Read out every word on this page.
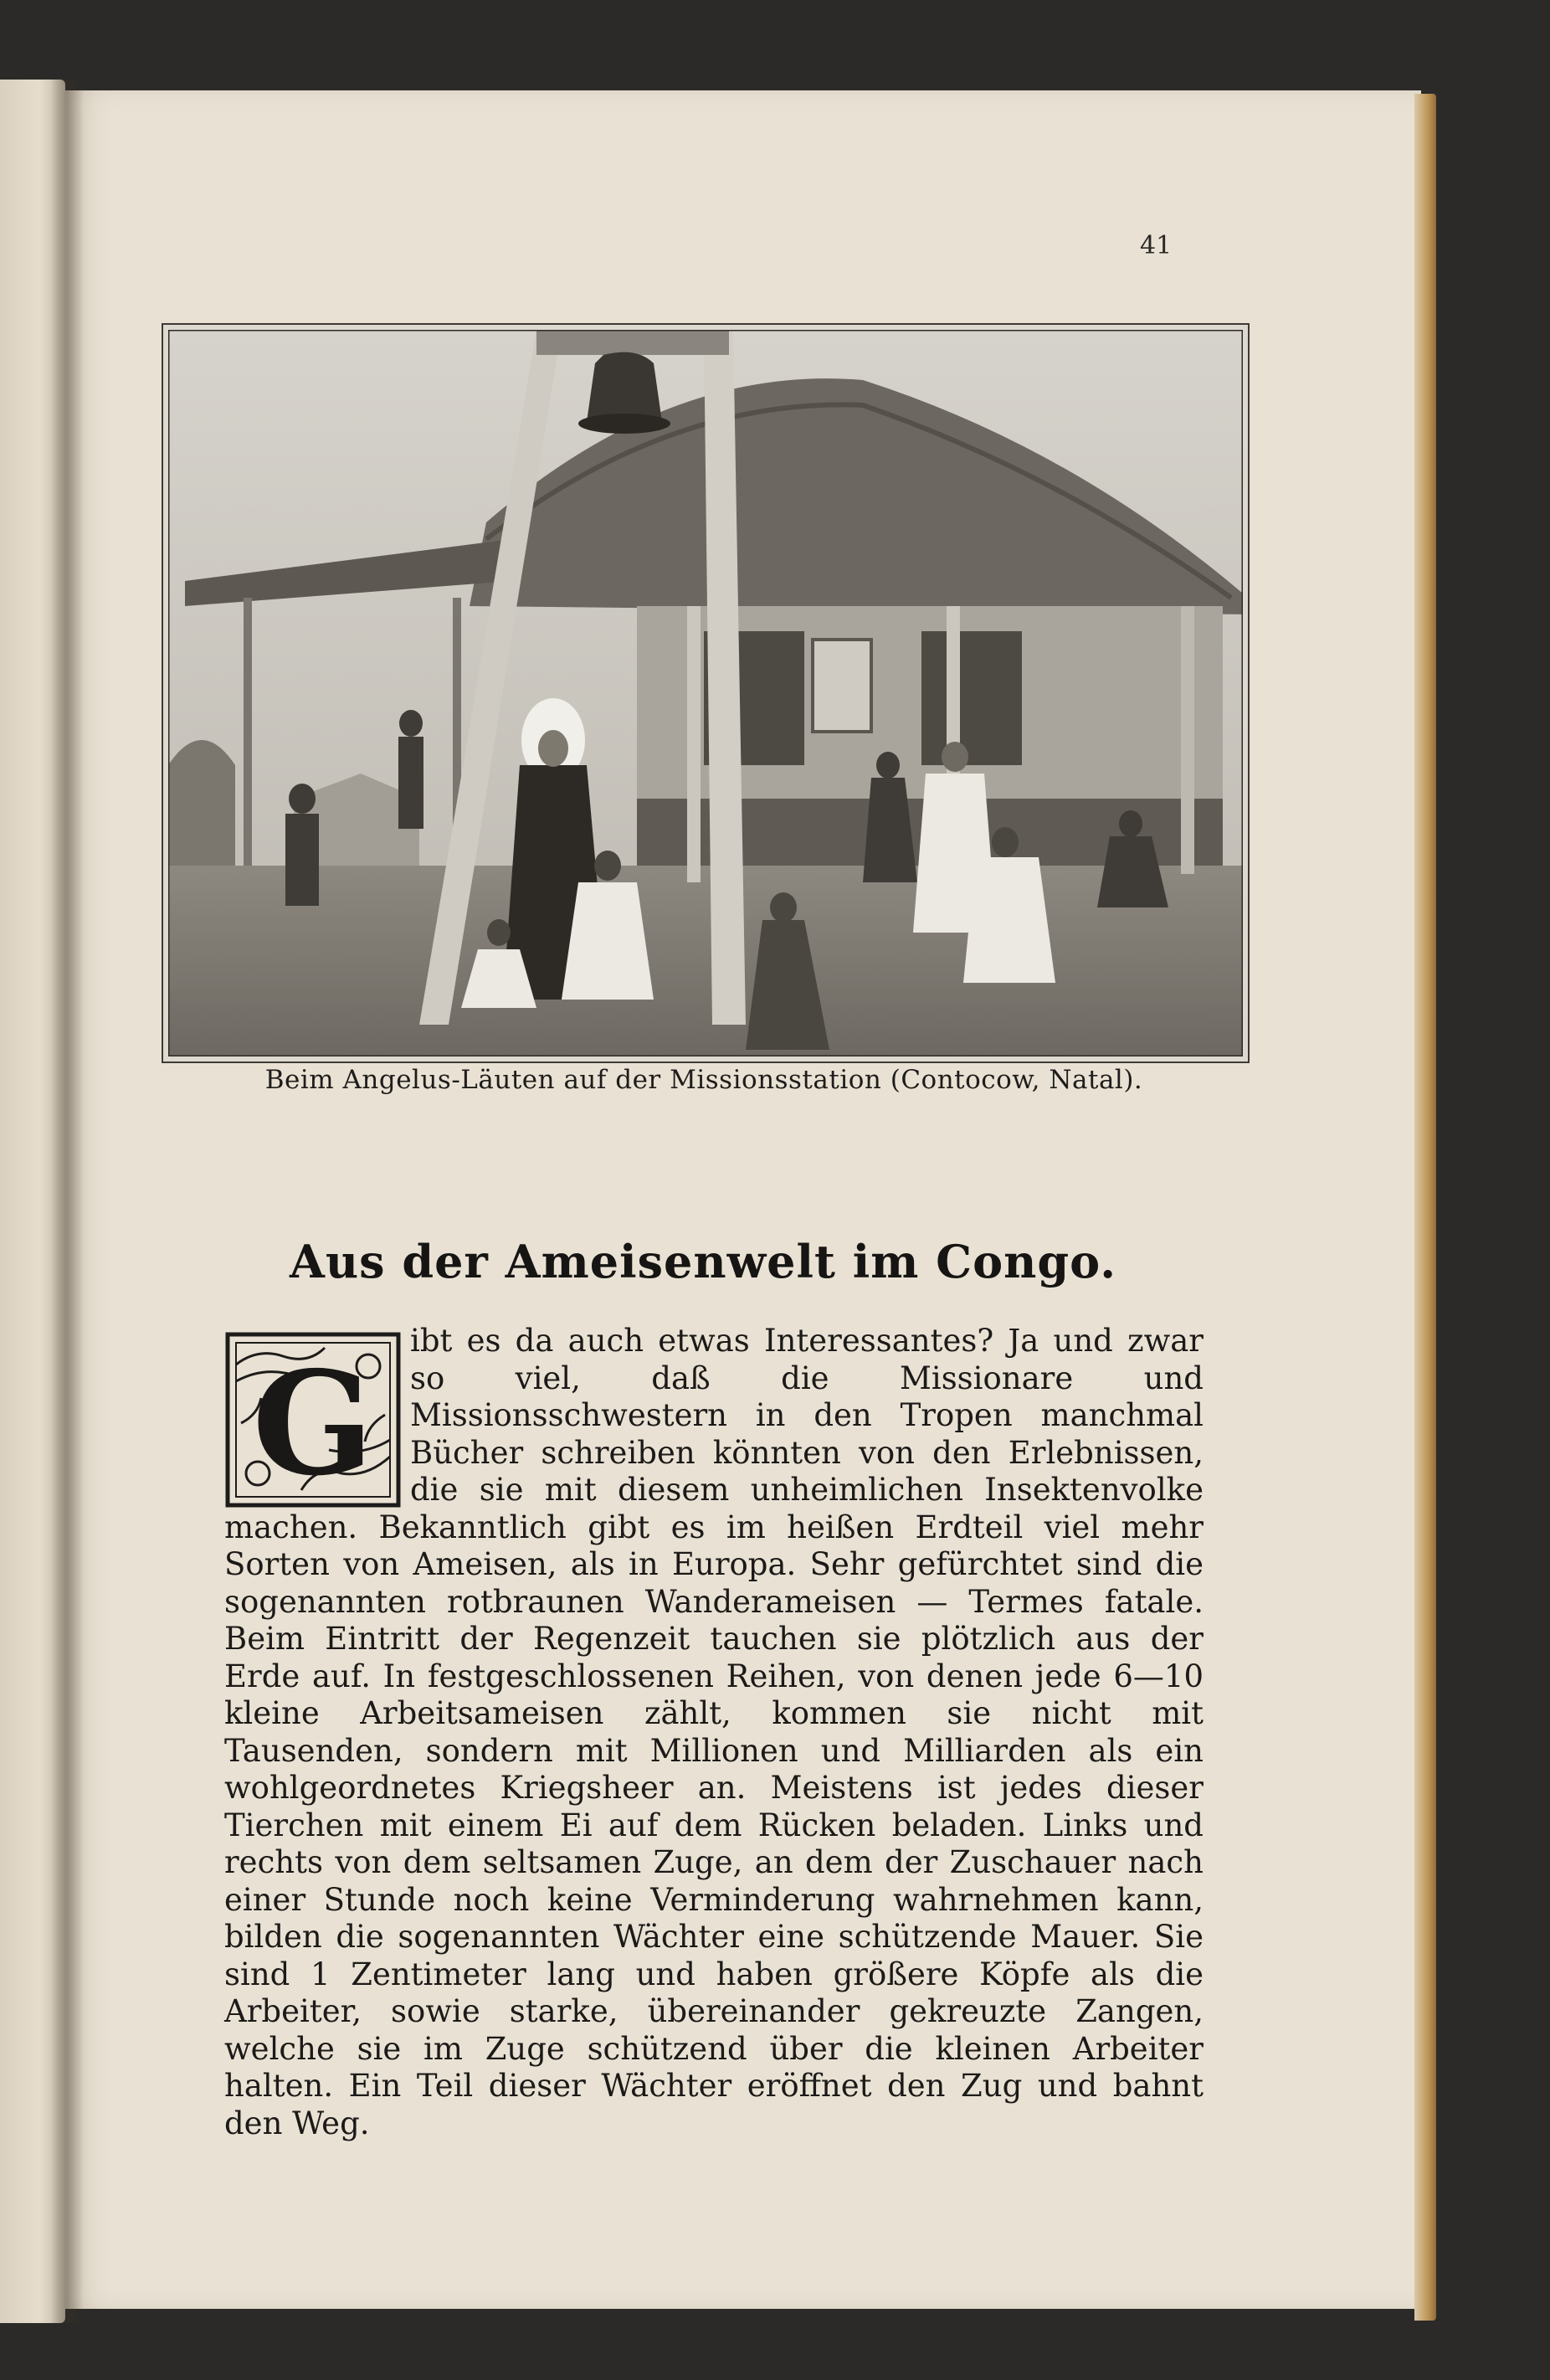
41
Beim Angelus-Läuten auf der Missionsstation (Contocow, Natal).
Aus der Ameisenwelt im Congo.

ibt es da auch etwas Interessantes? Ja und zwar so viel, daß die Missionare und Missionsschwestern in den Tropen manchmal Bücher schreiben könnten von den Erlebnissen, die sie mit diesem unheimlichen Insektenvolke machen. Bekanntlich gibt es im heißen Erdteil viel mehr Sorten von Ameisen, als in Europa. Sehr gefürchtet sind die sogenannten rotbraunen Wanderameisen — Termes fatale. Beim Eintritt der Regenzeit tauchen sie plötzlich aus der Erde auf. In festgeschlossenen Reihen, von denen jede 6—10 kleine Arbeitsameisen zählt, kommen sie nicht mit Tausenden, sondern mit Millionen und Milliarden als ein wohlgeordnetes Kriegsheer an. Meistens ist jedes dieser Tierchen mit einem Ei auf dem Rücken beladen. Links und rechts von dem seltsamen Zuge, an dem der Zuschauer nach einer Stunde noch keine Verminderung wahrnehmen kann, bilden die sogenannten Wächter eine schützende Mauer. Sie sind 1 Zentimeter lang und haben größere Köpfe als die Arbeiter, sowie starke, übereinander gekreuzte Zangen, welche sie im Zuge schützend über die kleinen Arbeiter halten. Ein Teil dieser Wächter eröffnet den Zug und bahnt den Weg.

G
